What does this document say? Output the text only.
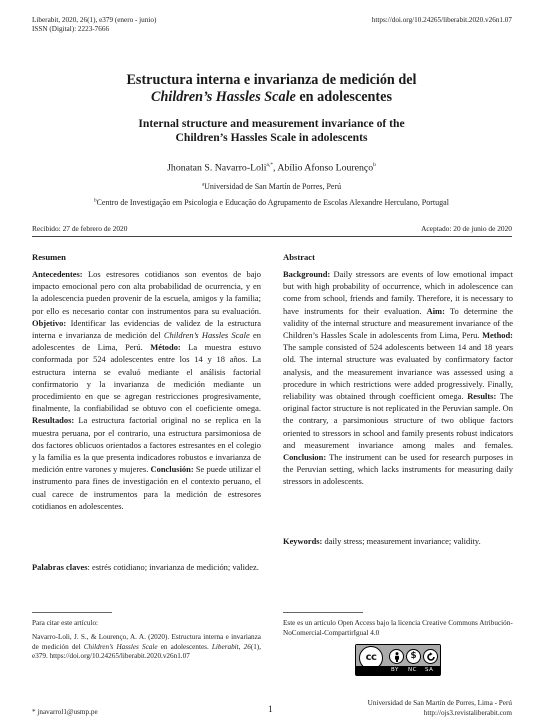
Liberabit, 2020, 26(1), e379 (enero - junio)
ISSN (Digital): 2223-7666
https://doi.org/10.24265/liberabit.2020.v26n1.07
Estructura interna e invarianza de medición del
Children’s Hassles Scale en adolescentes
Internal structure and measurement invariance of the
Children’s Hassles Scale in adolescents
Jhonatan S. Navarro-Loli$^{a,*}$, Abílio Afonso Lourenço$^b$
$^a$Universidad de San Martín de Porres, Perú
$^b$Centro de Investigação em Psicologia e Educação do Agrupamento de Escolas Alexandre Herculano, Portugal
Recibido: 27 de febrero de 2020	Aceptado: 20 de junio de 2020
Resumen
Antecedentes: Los estresores cotidianos son eventos de bajo impacto emocional pero con alta probabilidad de ocurrencia, y en la adolescencia pueden provenir de la escuela, amigos y la familia; por ello es necesario contar con instrumentos para su evaluación. Objetivo: Identificar las evidencias de validez de la estructura interna e invarianza de medición del Children’s Hassles Scale en adolescentes de Lima, Perú. Método: La muestra estuvo conformada por 524 adolescentes entre los 14 y 18 años. La estructura interna se evaluó mediante el análisis factorial confirmatorio y la invarianza de medición mediante un procedimiento en que se agregan restricciones progresivamente, finalmente, la confiabilidad se obtuvo con el coeficiente omega. Resultados: La estructura factorial original no se replica en la muestra peruana, por el contrario, una estructura parsimoniosa de dos factores oblicuos orientados a factores estresantes en el colegio y la familia es la que presenta indicadores robustos e invarianza de medición entre varones y mujeres. Conclusión: Se puede utilizar el instrumento para fines de investigación en el contexto peruano, el cual carece de instrumentos para la medición de estresores cotidianos en adolescentes.
Palabras claves: estrés cotidiano; invarianza de medición; validez.
Abstract
Background: Daily stressors are events of low emotional impact but with high probability of occurrence, which in adolescence can come from school, friends and family. Therefore, it is necessary to have instruments for their evaluation. Aim: To determine the validity of the internal structure and measurement invariance of the Children’s Hassles Scale in adolescents from Lima, Peru. Method: The sample consisted of 524 adolescents between 14 and 18 years old. The internal structure was evaluated by confirmatory factor analysis, and the measurement invariance was assessed using a procedure in which restrictions were added progressively. Finally, reliability was obtained through coefficient omega. Results: The original factor structure is not replicated in the Peruvian sample. On the contrary, a parsimonious structure of two oblique factors oriented to stressors in school and family presents robust indicators and measurement invariance among males and females. Conclusion: The instrument can be used for research purposes in the Peruvian setting, which lacks instruments for measuring daily stressors in adolescents.
Keywords: daily stress; measurement invariance; validity.
Para citar este artículo:
Navarro-Loli, J. S., & Lourenço, A. A. (2020). Estructura interna e invarianza de medición del Children’s Hassles Scale en adolescentes. Liberabit, 26(1), e379. https://doi.org/10.24265/liberabit.2020.v26n1.07
Este es un artículo Open Access bajo la licencia Creative Commons Atribución-NoComercial-CompartirIgual 4.0
cc	$
BY NC SA
* jnavarrol1@usmp.pe	1
Universidad de San Martín de Porres, Lima - Perú
http://ojs3.revistaliberabit.com
